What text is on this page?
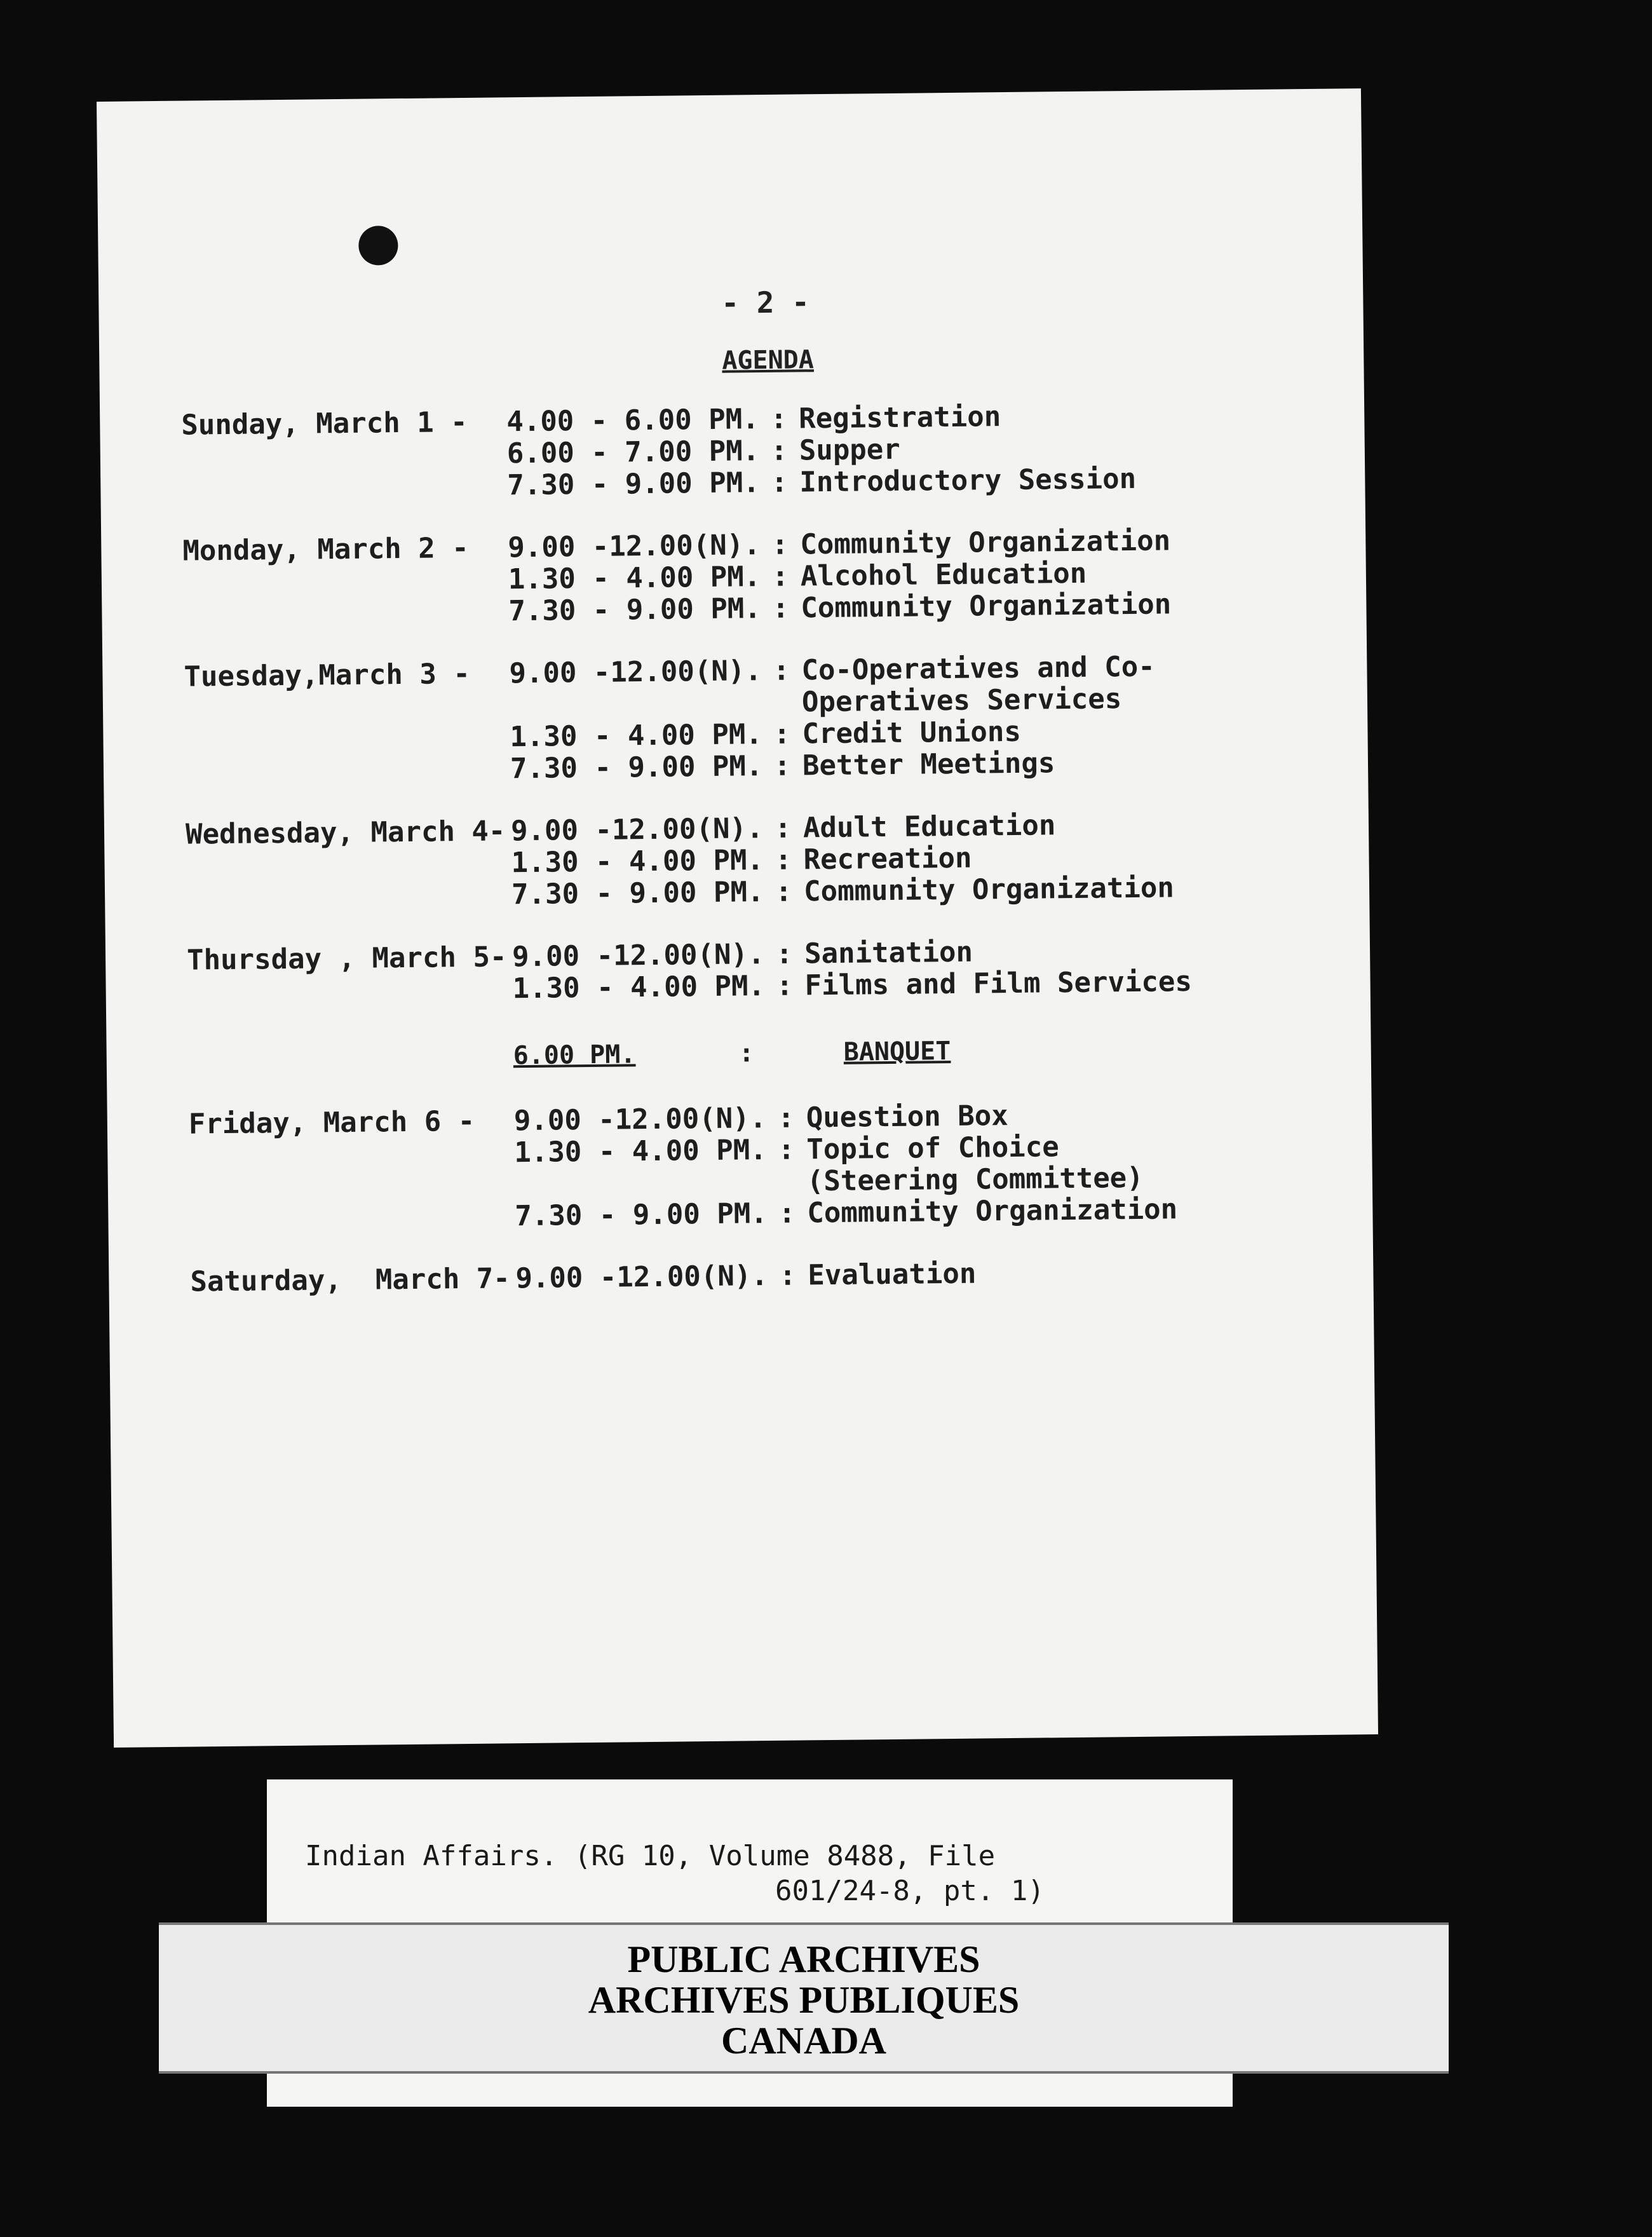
- 2 -
AGENDA
Sunday, March 1 - 4.00 - 6.00 PM. : Registration
6.00 - 7.00 PM. : Supper
7.30 - 9.00 PM. : Introductory Session
Monday, March 2 - 9.00 -12.00(N). : Community Organization
1.30 - 4.00 PM. : Alcohol Education
7.30 - 9.00 PM. : Community Organization
Tuesday,March 3 - 9.00 -12.00(N). : Co-Operatives and Co-
Operatives Services
1.30 - 4.00 PM. : Credit Unions
7.30 - 9.00 PM. : Better Meetings
Wednesday, March 4- 9.00 -12.00(N). : Adult Education
1.30 - 4.00 PM. : Recreation
7.30 - 9.00 PM. : Community Organization
Thursday , March 5- 9.00 -12.00(N). : Sanitation
1.30 - 4.00 PM. : Films and Film Services
Friday, March 6 - 9.00 -12.00(N). : Question Box
1.30 - 4.00 PM. : Topic of Choice
(Steering Committee)
7.30 - 9.00 PM. : Community Organization
Saturday,  March 7- 9.00 -12.00(N). : Evaluation
6.00 PM.	:	BANQUET
Indian Affairs. (RG 10, Volume 8488, File
601/24-8, pt. 1)
PUBLIC ARCHIVES
ARCHIVES PUBLIQUES
CANADA
